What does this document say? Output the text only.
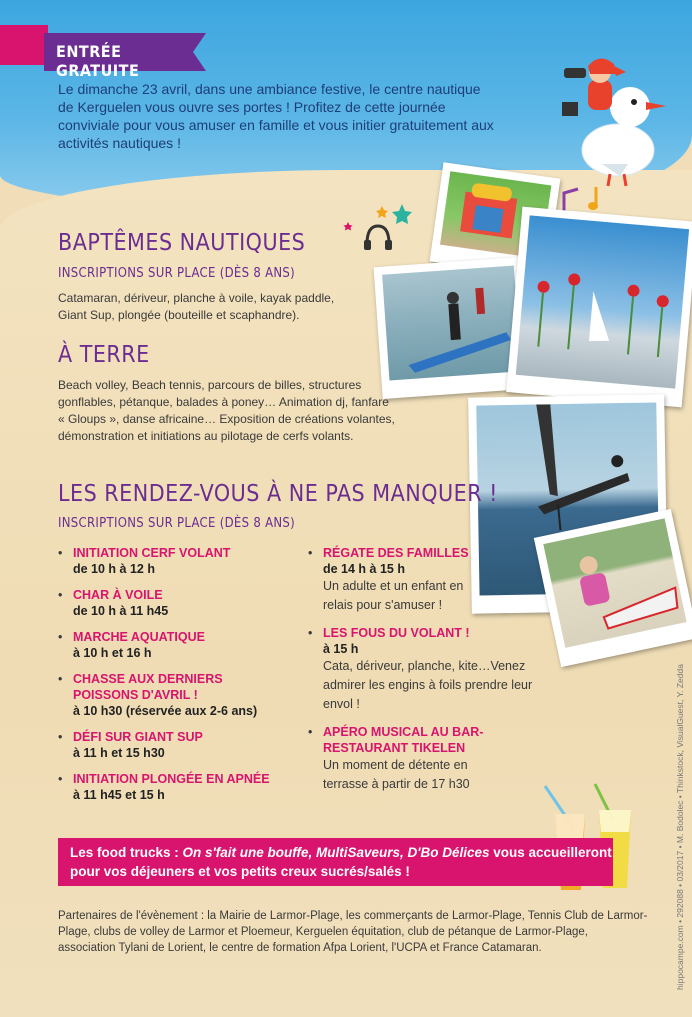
ENTRÉE GRATUITE
Le dimanche 23 avril, dans une ambiance festive, le centre nautique de Kerguelen vous ouvre ses portes ! Profitez de cette journée conviviale pour vous amuser en famille et vous initier gratuitement aux activités nautiques !
BAPTÊMES NAUTIQUES
INSCRIPTIONS SUR PLACE (DÈS 8 ANS)
Catamaran, dériveur, planche à voile, kayak paddle, Giant Sup, plongée (bouteille et scaphandre).
À TERRE
Beach volley, Beach tennis, parcours de billes, structures gonflables, pétanque, balades à poney… Animation dj, fanfare « Gloups », danse africaine… Exposition de créations volantes, démonstration et initiations au pilotage de cerfs volants.
LES RENDEZ-VOUS À NE PAS MANQUER !
INSCRIPTIONS SUR PLACE (DÈS 8 ANS)
• INITIATION CERF VOLANT
de 10 h à 12 h
• CHAR À VOILE
de 10 h à 11 h45
• MARCHE AQUATIQUE
à 10 h et 16 h
• CHASSE AUX DERNIERS POISSONS D'AVRIL !
à 10 h30 (réservée aux 2-6 ans)
• DÉFI SUR GIANT SUP
à 11 h et 15 h30
• INITIATION PLONGÉE EN APNÉE
à 11 h45 et 15 h
• RÉGATE DES FAMILLES
de 14 h à 15 h
Un adulte et un enfant en relais pour s'amuser !
• LES FOUS DU VOLANT !
à 15 h
Cata, dériveur, planche, kite…Venez admirer les engins à foils prendre leur envol !
• APÉRO MUSICAL AU BAR-RESTAURANT TIKELEN
Un moment de détente en terrasse à partir de 17 h30
Les food trucks : On s'fait une bouffe, MultiSaveurs, D'Bo Délices vous accueilleront pour vos déjeuners et vos petits creux sucrés/salés !
Partenaires de l'évènement : la Mairie de Larmor-Plage, les commerçants de Larmor-Plage, Tennis Club de Larmor-Plage, clubs de volley de Larmor et Ploemeur, Kerguelen équitation, club de pétanque de Larmor-Plage, association Tylani de Lorient, le centre de formation Afpa Lorient, l'UCPA et France Catamaran.	hippocampe.com • 292088 • 03/2017 • M. Bodolec • Thinkstock, VisualGuest, Y. Zedda
